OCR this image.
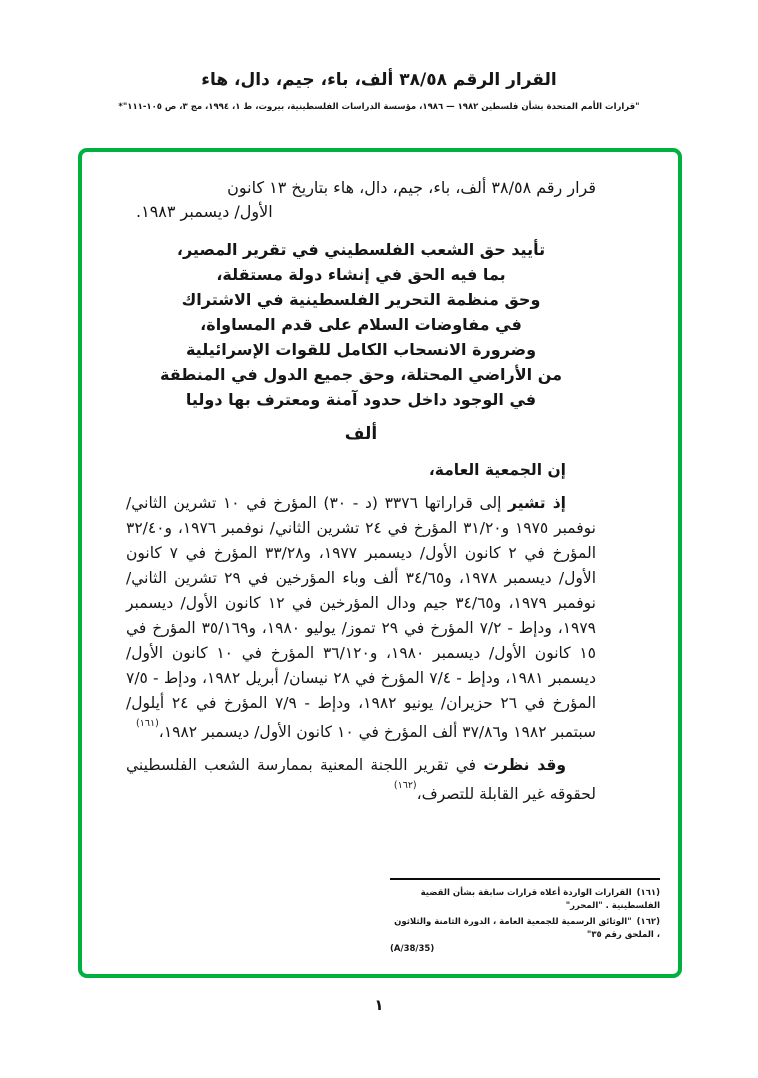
القرار الرقم ٣٨/٥٨ ألف، باء، جيم، دال، هاء
"قرارات الأمم المتحدة بشأن فلسطين ١٩٨٢ — ١٩٨٦، مؤسسة الدراسات الفلسطينية، بيروت، ط ١، ١٩٩٤، مج ٣، ص ١٠٥-١١١"*
قرار رقم ٣٨/٥٨ ألف، باء، جيم، دال، هاء بتاريخ ١٣ كانون
الأول/ ديسمبر ١٩٨٣.
تأييد حق الشعب الفلسطيني في تقرير المصير،
بما فيه الحق في إنشاء دولة مستقلة،
وحق منظمة التحرير الفلسطينية في الاشتراك
في مفاوضات السلام على قدم المساواة،
وضرورة الانسحاب الكامل للقوات الإسرائيلية
من الأراضي المحتلة، وحق جميع الدول في المنطقة
في الوجود داخل حدود آمنة ومعترف بها دوليا
ألف

إن الجمعية العامة،

إذ تشير إلى قراراتها ٣٣٧٦ (د - ٣٠) المؤرخ في ١٠ تشرين الثاني/ نوفمبر ١٩٧٥ و٣١/٢٠ المؤرخ في ٢٤ تشرين الثاني/ نوفمبر ١٩٧٦، و٣٢/٤٠ المؤرخ في ٢ كانون الأول/ ديسمبر ١٩٧٧، و٣٣/٢٨ المؤرخ في ٧ كانون الأول/ ديسمبر ١٩٧٨، و٣٤/٦٥ ألف وباء المؤرخين في ٢٩ تشرين الثاني/ نوفمبر ١٩٧٩، و٣٤/٦٥ جيم ودال المؤرخين في ١٢ كانون الأول/ ديسمبر ١٩٧٩، ودإط - ٧/٢ المؤرخ في ٢٩ تموز/ يوليو ١٩٨٠، و٣٥/١٦٩ المؤرخ في ١٥ كانون الأول/ ديسمبر ١٩٨٠، و٣٦/١٢٠ المؤرخ في ١٠ كانون الأول/ ديسمبر ١٩٨١، ودإط - ٧/٤ المؤرخ في ٢٨ نيسان/ أبريل ١٩٨٢، ودإط - ٧/٥ المؤرخ في ٢٦ حزيران/ يونيو ١٩٨٢، ودإط - ٧/٩ المؤرخ في ٢٤ أيلول/ سبتمبر ١٩٨٢ و٣٧/٨٦ ألف المؤرخ في ١٠ كانون الأول/ ديسمبر ١٩٨٢،$^{(١٦١)}$

وقد نظرت في تقرير اللجنة المعنية بممارسة الشعب الفلسطيني لحقوقه غير القابلة للتصرف،$^{(١٦٢)}$

(١٦١)القرارات الواردة أعلاه قرارات سابقة بشأن القضية الفلسطينية . "المحرر"

(١٦٢)"الوثائق الرسمية للجمعية العامة ، الدورة الثامنة والثلاثون ، الملحق رقم ٣٥"

(A/38/35)
١
